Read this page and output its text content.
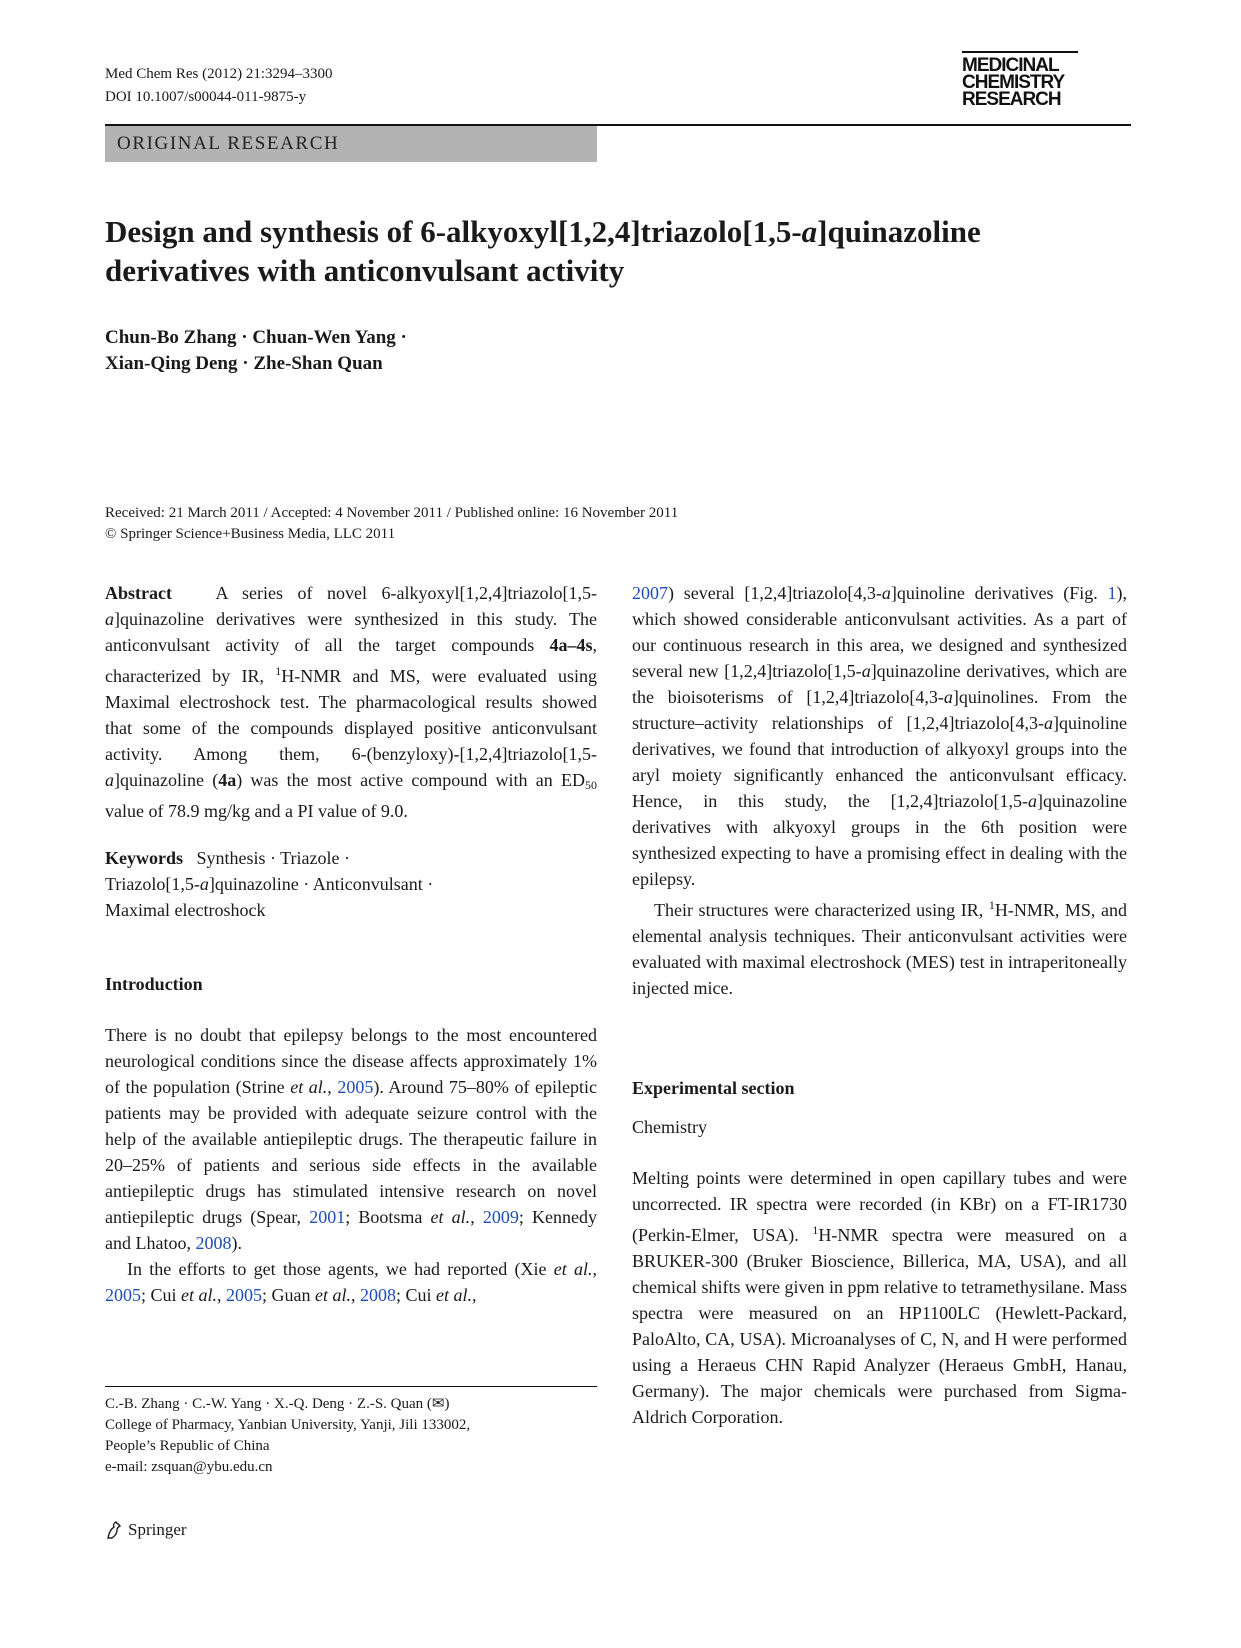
Med Chem Res (2012) 21:3294–3300
DOI 10.1007/s00044-011-9875-y
MEDICINAL
CHEMISTRY
RESEARCH
ORIGINAL RESEARCH
Design and synthesis of 6-alkyoxyl[1,2,4]triazolo[1,5-a]quinazoline
derivatives with anticonvulsant activity
Chun-Bo Zhang · Chuan-Wen Yang ·
Xian-Qing Deng · Zhe-Shan Quan
Received: 21 March 2011 / Accepted: 4 November 2011 / Published online: 16 November 2011
© Springer Science+Business Media, LLC 2011

Abstract A series of novel 6-alkyoxyl[1,2,4]triazolo[1,5-a]quinazoline derivatives were synthesized in this study. The anticonvulsant activity of all the target compounds 4a–4s, characterized by IR, $^1$H-NMR and MS, were evaluated using Maximal electroshock test. The pharmacological results showed that some of the compounds displayed positive anticonvulsant activity. Among them, 6-(benzyloxy)-[1,2,4]triazolo[1,5-a]quinazoline (4a) was the most active compound with an $ED_{50}$ value of 78.9 mg/kg and a PI value of 9.0.

Keywords Synthesis · Triazole ·
Triazolo[1,5-a]quinazoline · Anticonvulsant ·
Maximal electroshock

Introduction

There is no doubt that epilepsy belongs to the most encountered neurological conditions since the disease affects approximately 1% of the population (Strine et al., 2005). Around 75–80% of epileptic patients may be provided with adequate seizure control with the help of the available antiepileptic drugs. The therapeutic failure in 20–25% of patients and serious side effects in the available antiepileptic drugs has stimulated intensive research on novel antiepileptic drugs (Spear, 2001; Bootsma et al., 2009; Kennedy and Lhatoo, 2008).

In the efforts to get those agents, we had reported (Xie et al., 2005; Cui et al., 2005; Guan et al., 2008; Cui et al.,

C.-B. Zhang · C.-W. Yang · X.-Q. Deng · Z.-S. Quan (✉)
College of Pharmacy, Yanbian University, Yanji, Jili 133002,
People’s Republic of China
e-mail: zsquan@ybu.edu.cn

2007) several [1,2,4]triazolo[4,3-a]quinoline derivatives (Fig. 1), which showed considerable anticonvulsant activities. As a part of our continuous research in this area, we designed and synthesized several new [1,2,4]triazolo[1,5-a]quinazoline derivatives, which are the bioisoterisms of [1,2,4]triazolo[4,3-a]quinolines. From the structure–activity relationships of [1,2,4]triazolo[4,3-a]quinoline derivatives, we found that introduction of alkyoxyl groups into the aryl moiety significantly enhanced the anticonvulsant efficacy. Hence, in this study, the [1,2,4]triazolo[1,5-a]quinazoline derivatives with alkyoxyl groups in the 6th position were synthesized expecting to have a promising effect in dealing with the epilepsy.

Their structures were characterized using IR, $^1$H-NMR, MS, and elemental analysis techniques. Their anticonvulsant activities were evaluated with maximal electroshock (MES) test in intraperitoneally injected mice.

Experimental section

Chemistry

Melting points were determined in open capillary tubes and were uncorrected. IR spectra were recorded (in KBr) on a FT-IR1730 (Perkin-Elmer, USA). $^1$H-NMR spectra were measured on a BRUKER-300 (Bruker Bioscience, Billerica, MA, USA), and all chemical shifts were given in ppm relative to tetramethysilane. Mass spectra were measured on an HP1100LC (Hewlett-Packard, PaloAlto, CA, USA). Microanalyses of C, N, and H were performed using a Heraeus CHN Rapid Analyzer (Heraeus GmbH, Hanau, Germany). The major chemicals were purchased from Sigma-Aldrich Corporation.

Springer
